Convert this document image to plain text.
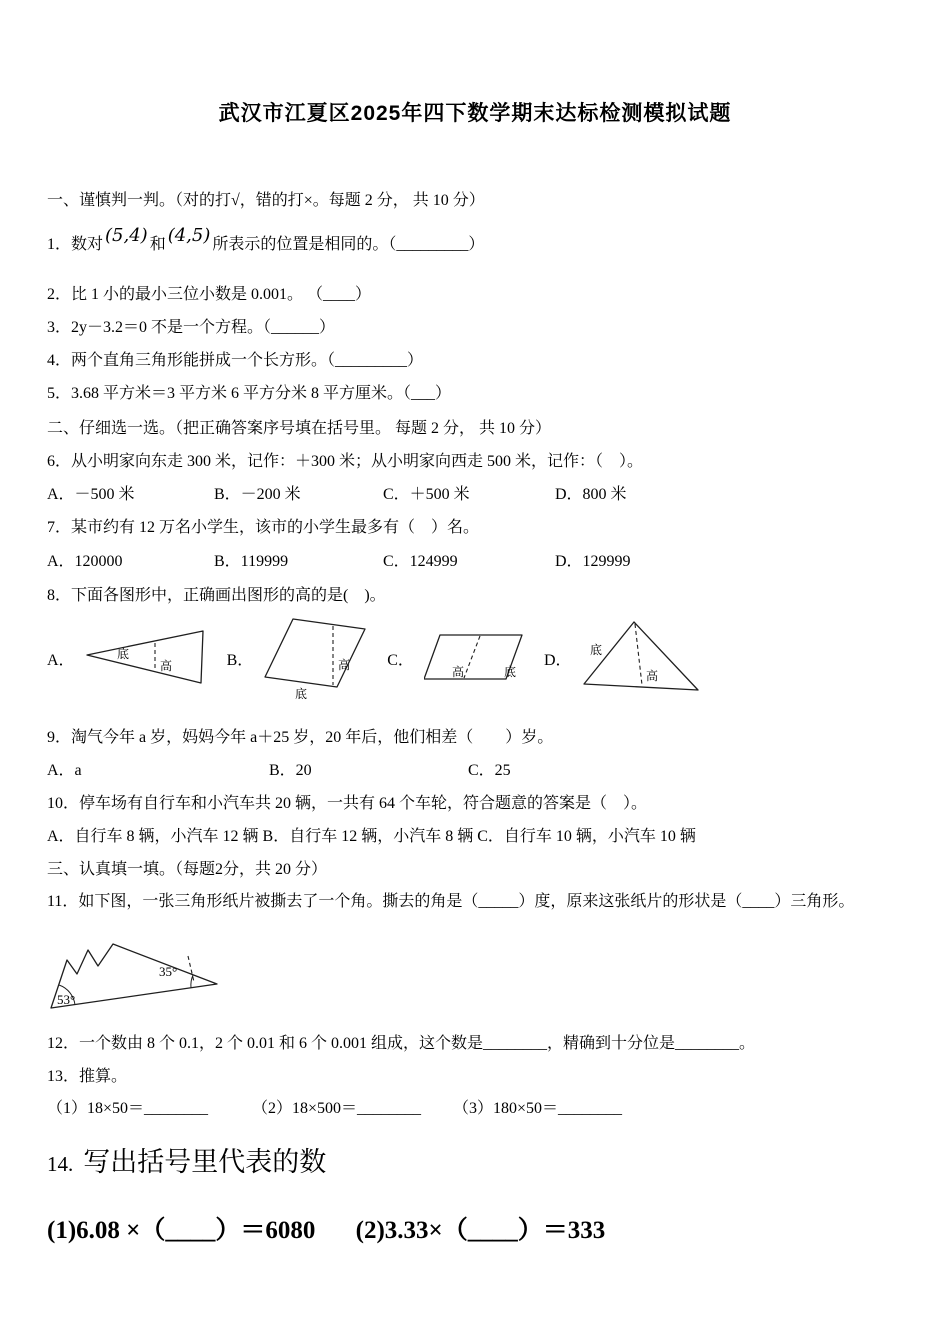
武汉市江夏区2025年四下数学期末达标检测模拟试题

一、谨慎判一判。（对的打√，错的打×。每题 2 分， 共 10 分）

1．数对 (5,4) 和 (4,5) 所表示的位置是相同的。（_________）

2．比 1 小的最小三位小数是 0.001。 （____）

3．2y－3.2＝0 不是一个方程。（______）

4．两个直角三角形能拼成一个长方形。（_________）

5．3.68 平方米＝3 平方米 6 平方分米 8 平方厘米。（___）

二、仔细选一选。（把正确答案序号填在括号里。 每题 2 分， 共 10 分）

6．从小明家向东走 300 米，记作：＋300 米；从小明家向西走 500 米，记作：（　）。

A．－500 米	B．－200 米	C．＋500 米	D．800 米

7．某市约有 12 万名小学生，该市的小学生最多有（　）名。

A．120000	B．119999	C．124999	D．129999

8．下面各图形中，正确画出图形的高的是(　)。

A．	底
高	B．	高
底
C．
高	底
D．
底
高

9．淘气今年 a 岁，妈妈今年 a＋25 岁，20 年后，他们相差（　　）岁。

A．a	B．20	C．25

10．停车场有自行车和小汽车共 20 辆，一共有 64 个车轮，符合题意的答案是（　）。

A．自行车 8 辆，小汽车 12 辆 B．自行车 12 辆，小汽车 8 辆 C．自行车 10 辆，小汽车 10 辆

三、认真填一填。（每题2分，共 20 分）

11．如下图，一张三角形纸片被撕去了一个角。撕去的角是（_____）度，原来这张纸片的形状是（____）三角形。

53°
35°

12．一个数由 8 个 0.1，2 个 0.01 和 6 个 0.001 组成，这个数是________，精确到十分位是________。

13．推算。

（1）18×50＝________	（2）18×500＝________ （3）180×50＝________

14. 写出括号里代表的数

(1)6.08 ×（____）＝6080 (2)3.33×（____）＝333
